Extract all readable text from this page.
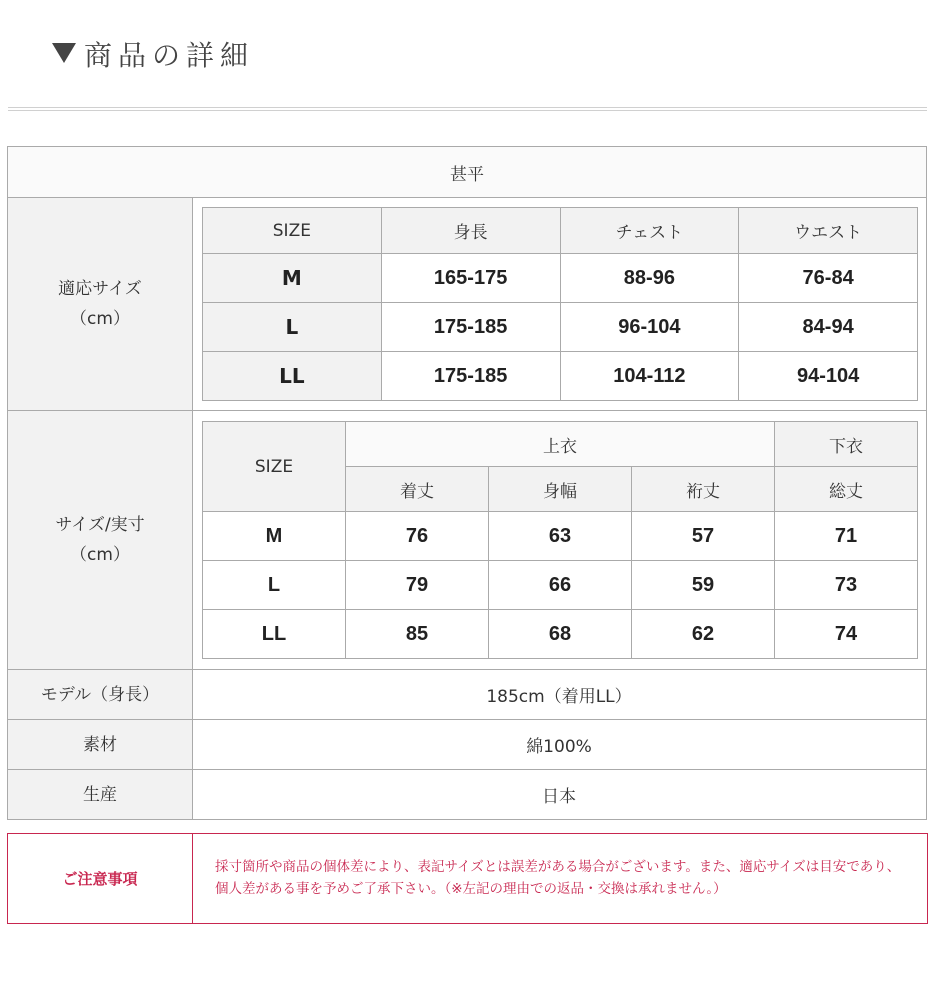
商品の詳細
甚平
適応サイズ
（cm）
SIZE	身長	チェスト	ウエスト
M	165-175	88-96	76-84
L	175-185	96-104	84-94
LL	175-185	104-112	94-104
サイズ/実寸
（cm）
SIZE	上衣			下衣
	着丈	身幅	裄丈	総丈
M	76	63	57	71
L	79	66	59	73
LL	85	68	62	74
モデル（身長）	185cm（着用LL）
素材	綿100%
生産	日本
ご注意事項
採寸箇所や商品の個体差により、表記サイズとは誤差がある場合がございます。また、適応サイズは目安であり、個人差がある事を予めご了承下さい。（※左記の理由での返品・交換は承れません。）
